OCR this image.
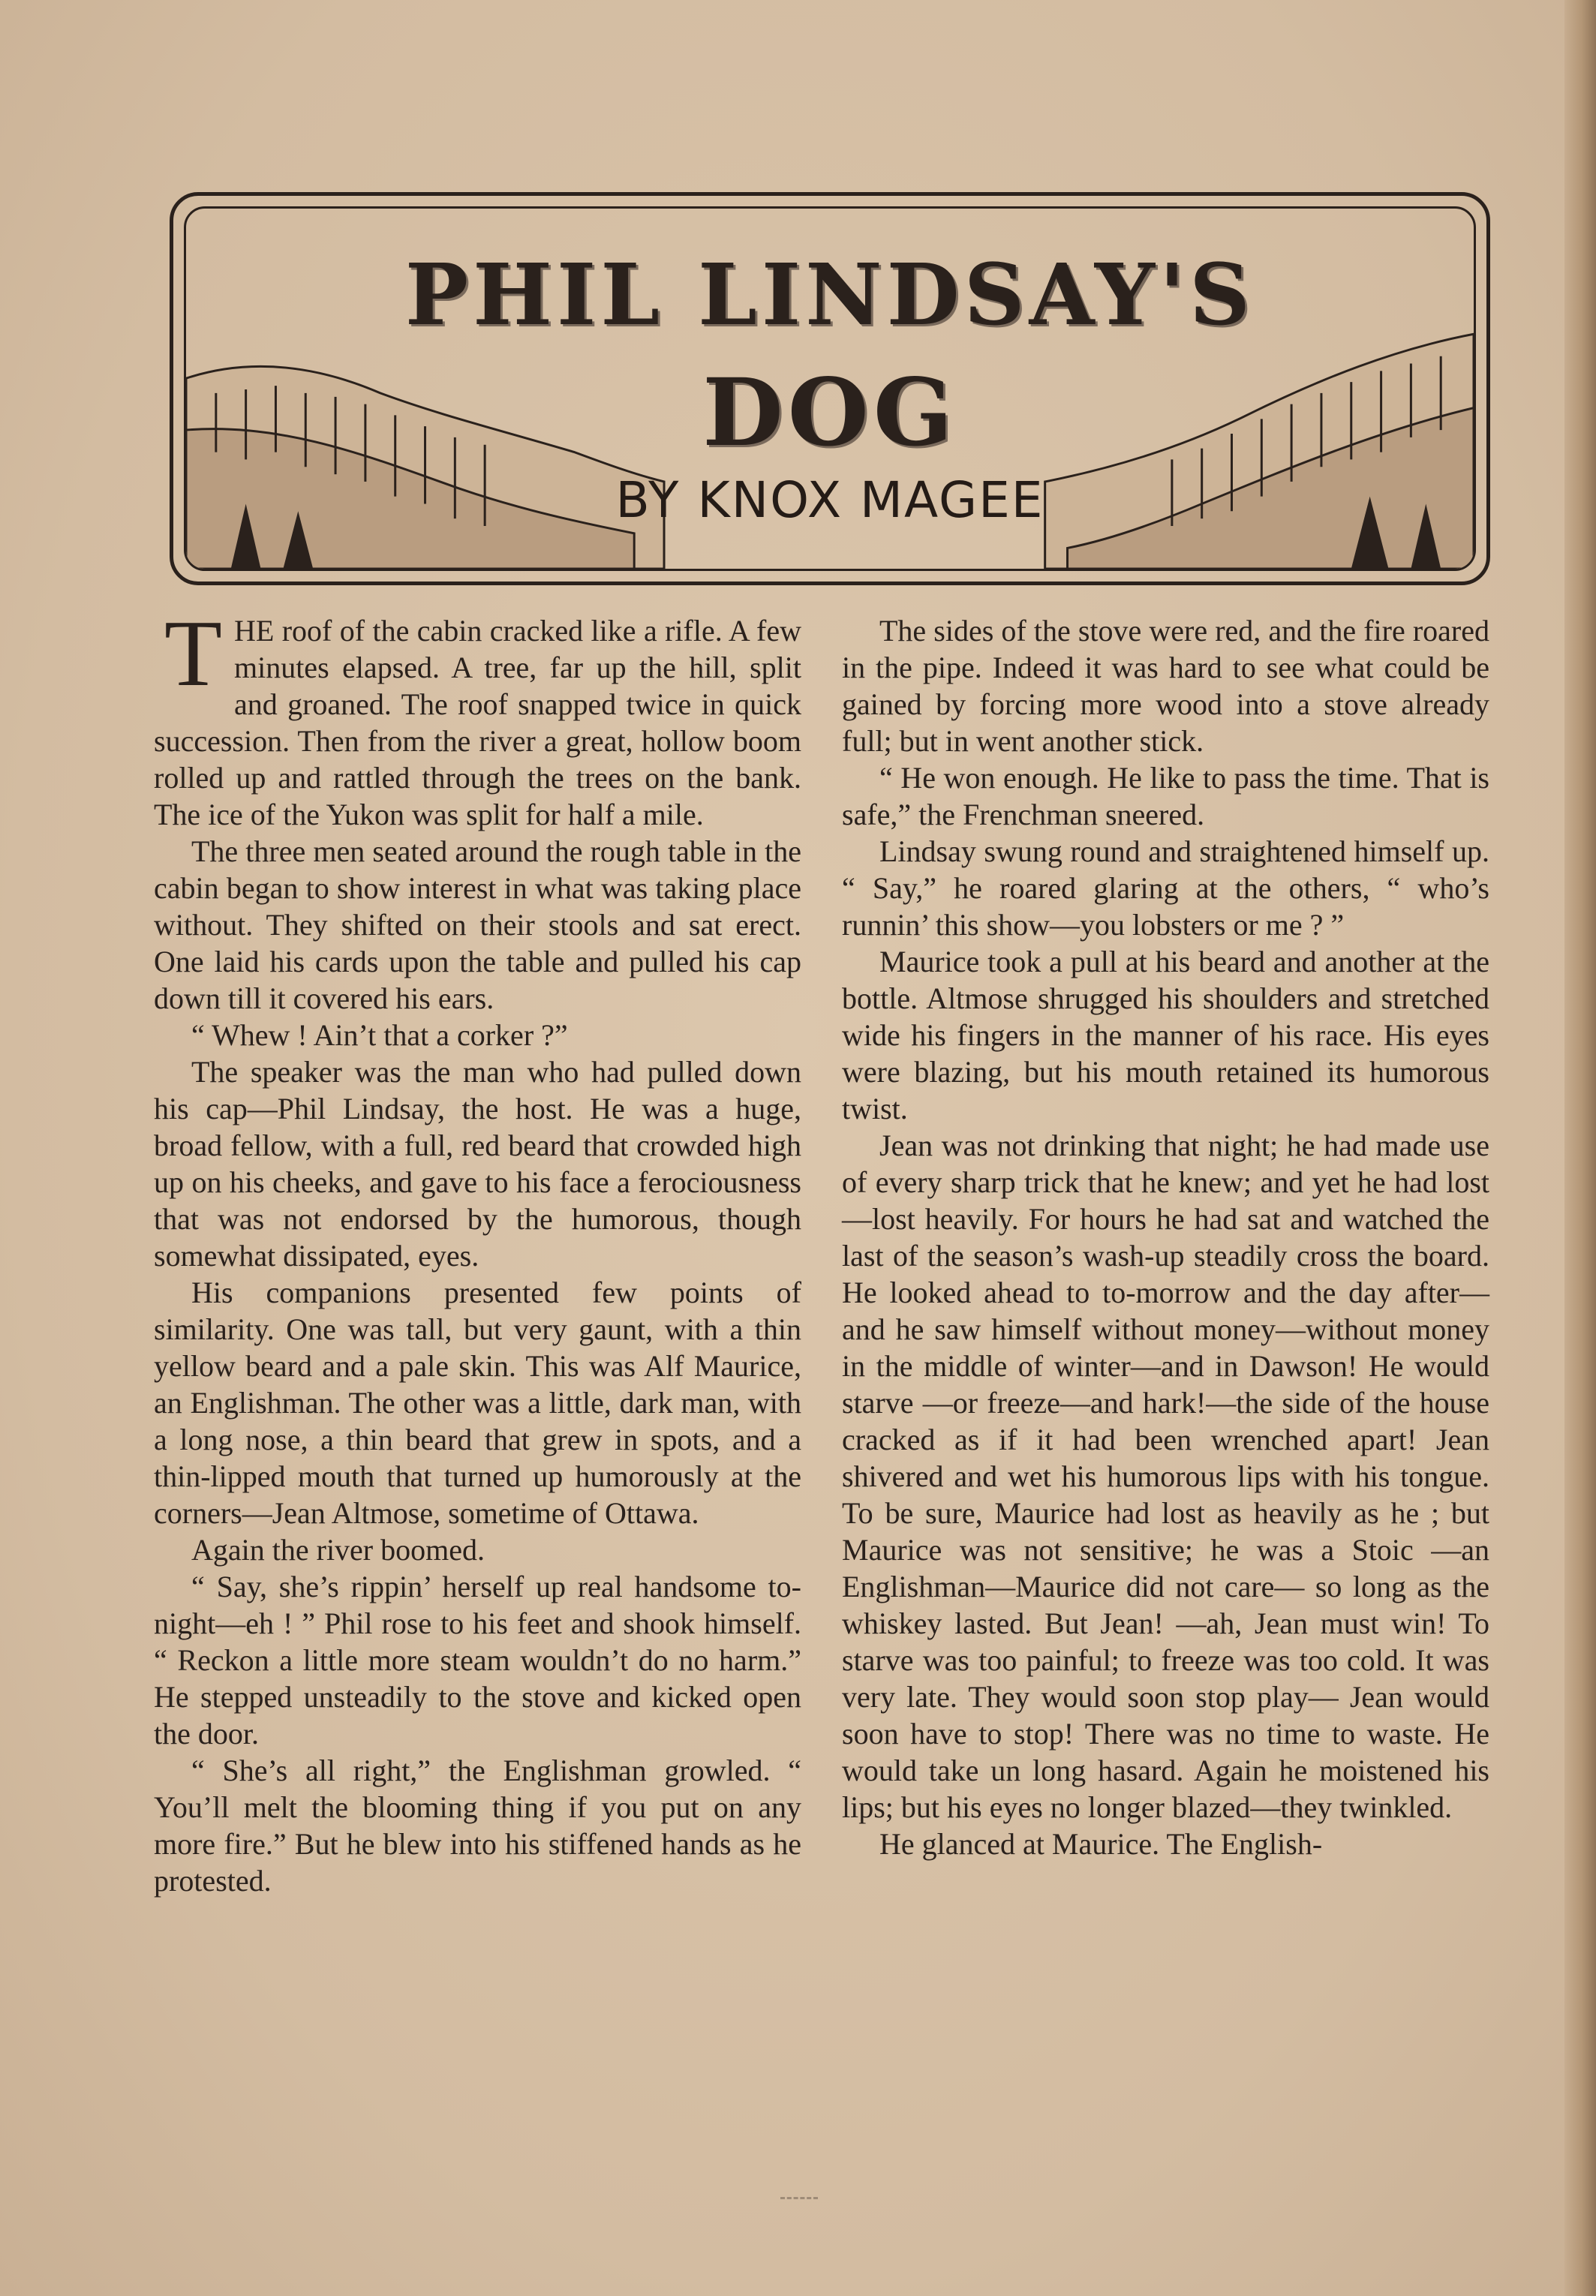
PHIL LINDSAY'S
DOG
BY KNOX MAGEE

THE roof of the cabin cracked like a rifle. A few minutes elapsed. A tree, far up the hill, split and groaned. The roof snapped twice in quick succession. Then from the river a great, hollow boom rolled up and rattled through the trees on the bank. The ice of the Yukon was split for half a mile.

The three men seated around the rough table in the cabin began to show interest in what was taking place without. They shifted on their stools and sat erect. One laid his cards upon the table and pulled his cap down till it covered his ears.

“ Whew ! Ain’t that a corker ?”

The speaker was the man who had pulled down his cap—Phil Lindsay, the host. He was a huge, broad fellow, with a full, red beard that crowded high up on his cheeks, and gave to his face a ferociousness that was not endorsed by the humorous, though somewhat dissipated, eyes.

His companions presented few points of similarity. One was tall, but very gaunt, with a thin yellow beard and a pale skin. This was Alf Maurice, an Englishman. The other was a little, dark man, with a long nose, a thin beard that grew in spots, and a thin-lipped mouth that turned up humorously at the corners—Jean Altmose, sometime of Ottawa.

Again the river boomed.

“ Say, she’s rippin’ herself up real handsome to-night—eh ! ” Phil rose to his feet and shook himself. “ Reckon a little more steam wouldn’t do no harm.” He stepped unsteadily to the stove and kicked open the door.

“ She’s all right,” the Englishman growled. “ You’ll melt the blooming thing if you put on any more fire.” But he blew into his stiffened hands as he protested.

The sides of the stove were red, and the fire roared in the pipe. Indeed it was hard to see what could be gained by forcing more wood into a stove already full; but in went another stick.

“ He won enough. He like to pass the time. That is safe,” the Frenchman sneered.

Lindsay swung round and straightened himself up. “ Say,” he roared glaring at the others, “ who’s runnin’ this show—you lobsters or me ? ”

Maurice took a pull at his beard and another at the bottle. Altmose shrugged his shoulders and stretched wide his fingers in the manner of his race. His eyes were blazing, but his mouth retained its humorous twist.

Jean was not drinking that night; he had made use of every sharp trick that he knew; and yet he had lost—lost heavily. For hours he had sat and watched the last of the season’s wash-up steadily cross the board. He looked ahead to to-morrow and the day after—and he saw himself without money—without money in the middle of winter—and in Dawson! He would starve —or freeze—and hark!—the side of the house cracked as if it had been wrenched apart! Jean shivered and wet his humorous lips with his tongue. To be sure, Maurice had lost as heavily as he ; but Maurice was not sensitive; he was a Stoic —an Englishman—Maurice did not care— so long as the whiskey lasted. But Jean! —ah, Jean must win! To starve was too painful; to freeze was too cold. It was very late. They would soon stop play— Jean would soon have to stop! There was no time to waste. He would take un long hasard. Again he moistened his lips; but his eyes no longer blazed—they twinkled.

He glanced at Maurice. The English-
